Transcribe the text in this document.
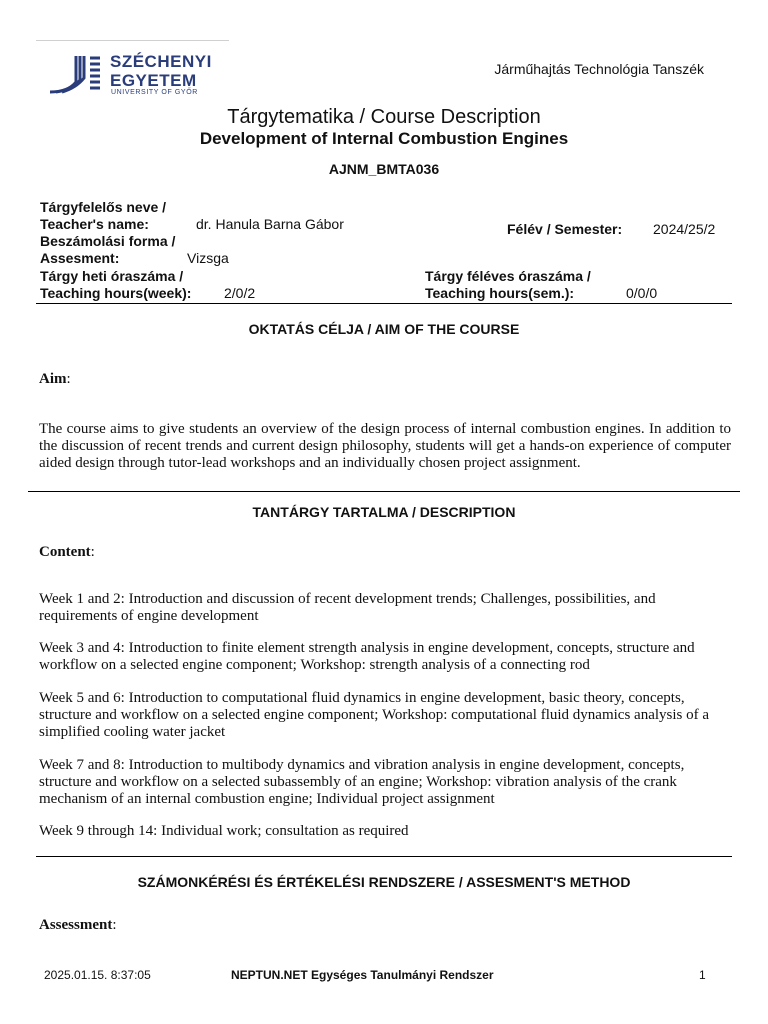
SZÉCHENYI
EGYETEM
UNIVERSITY OF GYŐR
Járműhajtás Technológia Tanszék
Tárgytematika / Course Description
Development of Internal Combustion Engines
AJNM_BMTA036
Tárgyfelelős neve /
Teacher's name:	dr. Hanula Barna Gábor	Félév / Semester: 2024/25/2
Beszámolási forma /
Assesment:	Vizsga
Tárgy heti óraszáma /
Teaching hours(week): 2/0/2
Tárgy féléves óraszáma /
Teaching hours(sem.):	0/0/0
OKTATÁS CÉLJA / AIM OF THE COURSE
Aim:
The course aims to give students an overview of the design process of internal combustion engines. In addition to the discussion of recent trends and current design philosophy, students will get a hands-on experience of computer aided design through tutor-lead workshops and an individually chosen project assignment.
TANTÁRGY TARTALMA / DESCRIPTION
Content:
Week 1 and 2: Introduction and discussion of recent development trends; Challenges, possibilities, and requirements of engine development
Week 3 and 4: Introduction to finite element strength analysis in engine development, concepts, structure and workflow on a selected engine component; Workshop: strength analysis of a connecting rod
Week 5 and 6: Introduction to computational fluid dynamics in engine development, basic theory, concepts, structure and workflow on a selected engine component; Workshop: computational fluid dynamics analysis of a simplified cooling water jacket
Week 7 and 8: Introduction to multibody dynamics and vibration analysis in engine development, concepts, structure and workflow on a selected subassembly of an engine; Workshop: vibration analysis of the crank mechanism of an internal combustion engine; Individual project assignment
Week 9 through 14: Individual work; consultation as required
SZÁMONKÉRÉSI ÉS ÉRTÉKELÉSI RENDSZERE / ASSESMENT'S METHOD
Assessment:
2025.01.15. 8:37:05	NEPTUN.NET Egységes Tanulmányi Rendszer	1
